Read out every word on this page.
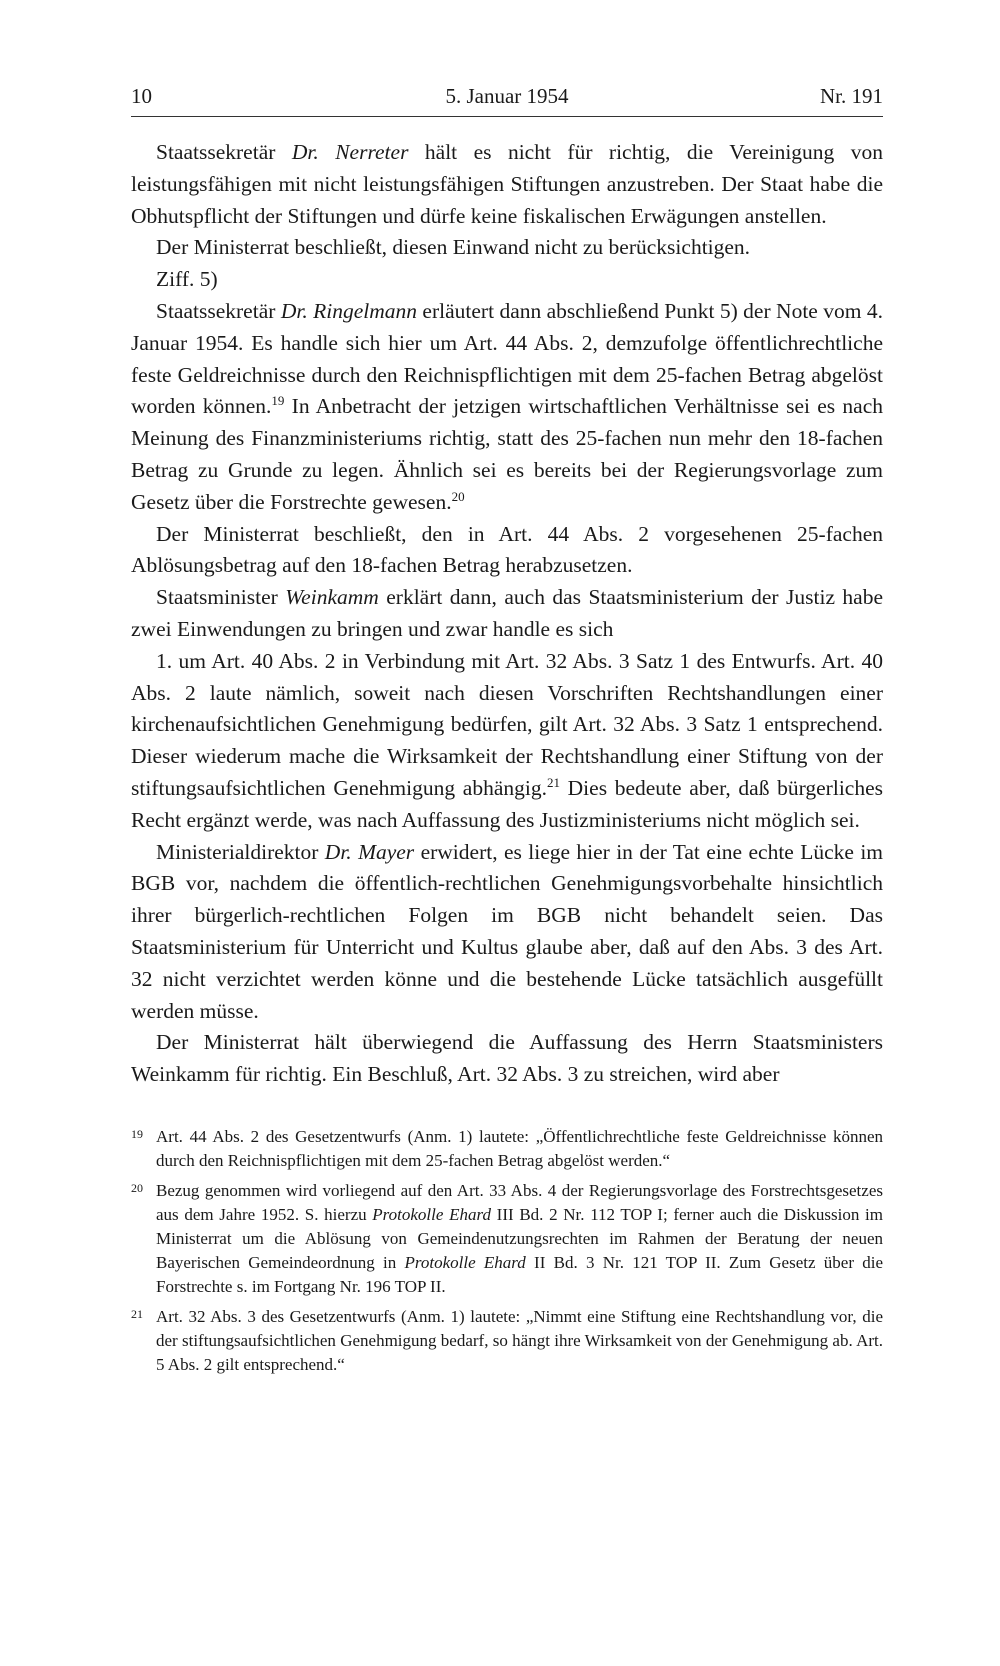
10	5. Januar 1954	Nr. 191

Staatssekretär Dr. Nerreter hält es nicht für richtig, die Vereinigung von leistungsfähigen mit nicht leistungsfähigen Stiftungen anzustreben. Der Staat habe die Obhutspflicht der Stiftungen und dürfe keine fiskalischen Erwägungen anstellen.

Der Ministerrat beschließt, diesen Einwand nicht zu berücksichtigen.

Ziff. 5)

Staatssekretär Dr. Ringelmann erläutert dann abschließend Punkt 5) der Note vom 4. Januar 1954. Es handle sich hier um Art. 44 Abs. 2, demzufolge öffentlichrechtliche feste Geldreichnisse durch den Reichnispflichtigen mit dem 25-fachen Betrag abgelöst worden können.$^{19}$ In Anbetracht der jetzigen wirtschaftlichen Verhältnisse sei es nach Meinung des Finanzministeriums richtig, statt des 25-fachen nun mehr den 18-fachen Betrag zu Grunde zu legen. Ähnlich sei es bereits bei der Regierungsvorlage zum Gesetz über die Forstrechte gewesen.$^{20}$

Der Ministerrat beschließt, den in Art. 44 Abs. 2 vorgesehenen 25-fachen Ablösungsbetrag auf den 18-fachen Betrag herabzusetzen.

Staatsminister Weinkamm erklärt dann, auch das Staatsministerium der Justiz habe zwei Einwendungen zu bringen und zwar handle es sich

1. um Art. 40 Abs. 2 in Verbindung mit Art. 32 Abs. 3 Satz 1 des Entwurfs. Art. 40 Abs. 2 laute nämlich, soweit nach diesen Vorschriften Rechtshandlungen einer kirchenaufsichtlichen Genehmigung bedürfen, gilt Art. 32 Abs. 3 Satz 1 entsprechend. Dieser wiederum mache die Wirksamkeit der Rechtshandlung einer Stiftung von der stiftungsaufsichtlichen Genehmigung abhängig.$^{21}$ Dies bedeute aber, daß bürgerliches Recht ergänzt werde, was nach Auffassung des Justizministeriums nicht möglich sei.

Ministerialdirektor Dr. Mayer erwidert, es liege hier in der Tat eine echte Lücke im BGB vor, nachdem die öffentlich-rechtlichen Genehmigungsvorbehalte hinsichtlich ihrer bürgerlich-rechtlichen Folgen im BGB nicht behandelt seien. Das Staatsministerium für Unterricht und Kultus glaube aber, daß auf den Abs. 3 des Art. 32 nicht verzichtet werden könne und die bestehende Lücke tatsächlich ausgefüllt werden müsse.

Der Ministerrat hält überwiegend die Auffassung des Herrn Staatsministers Weinkamm für richtig. Ein Beschluß, Art. 32 Abs. 3 zu streichen, wird aber

19 Art. 44 Abs. 2 des Gesetzentwurfs (Anm. 1) lautete: „Öffentlichrechtliche feste Geldreichnisse können durch den Reichnispflichtigen mit dem 25-fachen Betrag abgelöst werden.“
20 Bezug genommen wird vorliegend auf den Art. 33 Abs. 4 der Regierungsvorlage des Forstrechtsgesetzes aus dem Jahre 1952. S. hierzu Protokolle Ehard III Bd. 2 Nr. 112 TOP I; ferner auch die Diskussion im Ministerrat um die Ablösung von Gemeindenutzungsrechten im Rahmen der Beratung der neuen Bayerischen Gemeindeordnung in Protokolle Ehard II Bd. 3 Nr. 121 TOP II. Zum Gesetz über die Forstrechte s. im Fortgang Nr. 196 TOP II.
21 Art. 32 Abs. 3 des Gesetzentwurfs (Anm. 1) lautete: „Nimmt eine Stiftung eine Rechtshandlung vor, die der stiftungsaufsichtlichen Genehmigung bedarf, so hängt ihre Wirksamkeit von der Genehmigung ab. Art. 5 Abs. 2 gilt entsprechend.“
